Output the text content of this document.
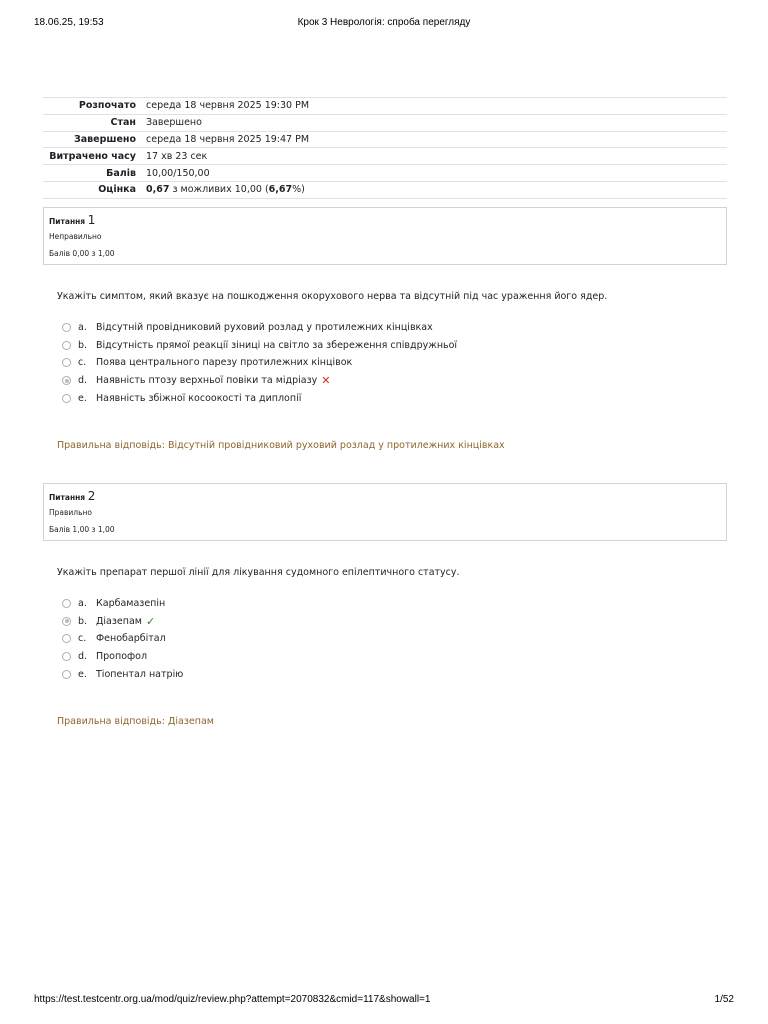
18.06.25, 19:53	Крок 3 Неврологія: спроба перегляду
Розпочато	середа 18 червня 2025 19:30 PM
Стан	Завершено
Завершено	середа 18 червня 2025 19:47 PM
Витрачено часу	17 хв 23 сек
Балів	10,00/150,00
Оцінка	0,67 з можливих 10,00 (6,67%)
Питання 1
Неправильно
Балів 0,00 з 1,00
Укажіть симптом, який вказує на пошкодження окорухового нерва та відсутній під час ураження його ядер.
a. Відсутній провідниковий руховий розлад у протилежних кінцівках
b. Відсутність прямої реакції зіниці на світло за збереження співдружньої
c.	Поява центрального парезу протилежних кінцівок
d. Наявність птозу верхньої повіки та мідріазу ✕
e. Наявність збіжної косоокості та диплопії
Правильна відповідь: Відсутній провідниковий руховий розлад у протилежних кінцівках
Питання 2
Правильно
Балів 1,00 з 1,00
Укажіть препарат першої лінії для лікування судомного епілептичного статусу.
a. Карбамазепін
b. Діазепам ✓
c.	Фенобарбітал
d. Пропофол
e. Тіопентал натрію
Правильна відповідь: Діазепам
https://test.testcentr.org.ua/mod/quiz/review.php?attempt=2070832&cmid=117&showall=1	1/52
